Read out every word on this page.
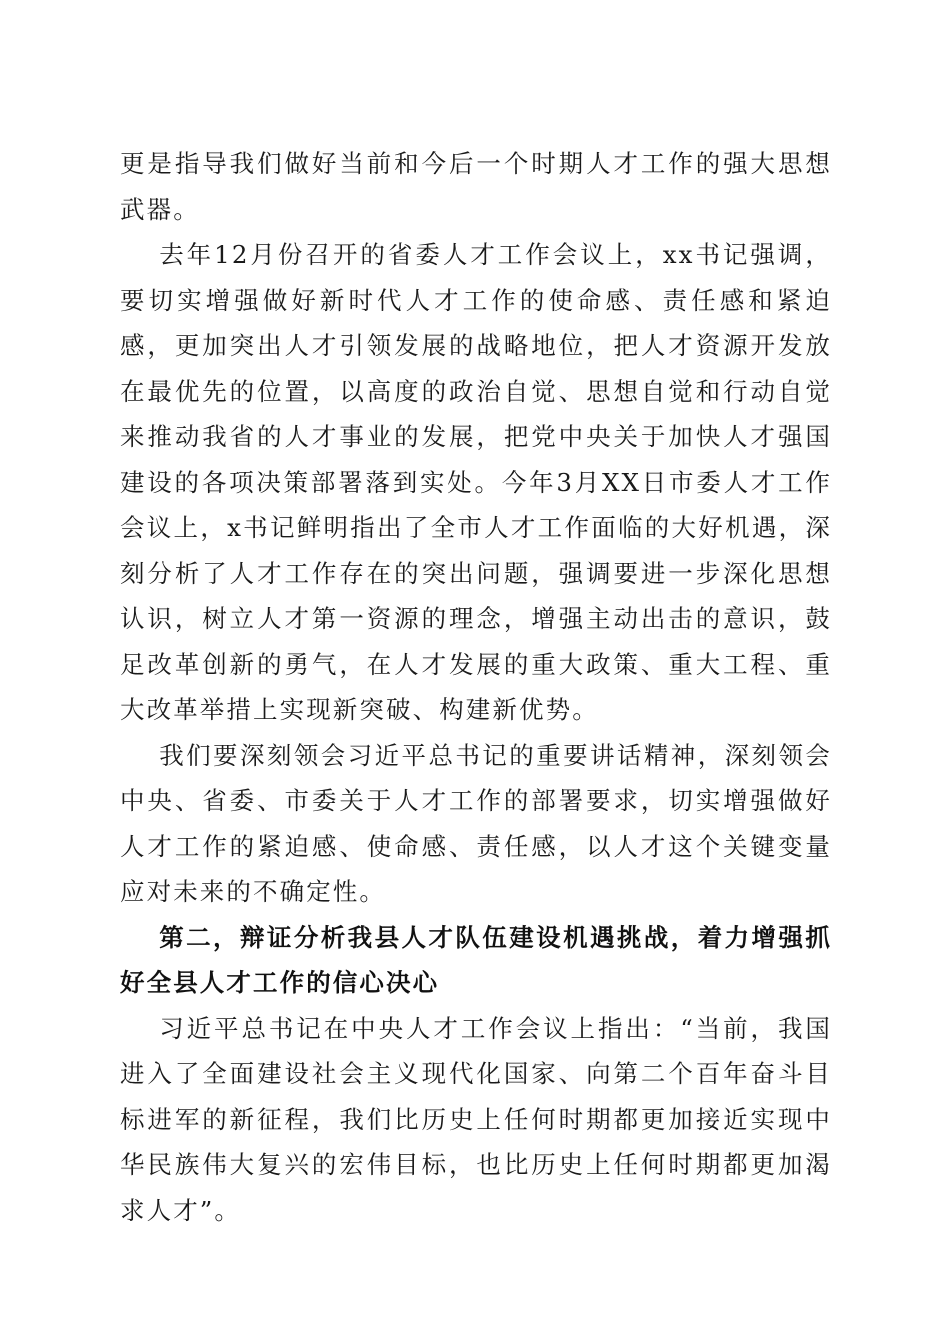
更是指导我们做好当前和今后一个时期人才工作的强大思想武器。

去年12月份召开的省委人才工作会议上，xx书记强调，要切实增强做好新时代人才工作的使命感、责任感和紧迫感，更加突出人才引领发展的战略地位，把人才资源开发放在最优先的位置，以高度的政治自觉、思想自觉和行动自觉来推动我省的人才事业的发展，把党中央关于加快人才强国建设的各项决策部署落到实处。今年3月XX日市委人才工作会议上，x书记鲜明指出了全市人才工作面临的大好机遇，深刻分析了人才工作存在的突出问题，强调要进一步深化思想认识，树立人才第一资源的理念，增强主动出击的意识，鼓足改革创新的勇气，在人才发展的重大政策、重大工程、重大改革举措上实现新突破、构建新优势。

我们要深刻领会习近平总书记的重要讲话精神，深刻领会中央、省委、市委关于人才工作的部署要求，切实增强做好人才工作的紧迫感、使命感、责任感，以人才这个关键变量应对未来的不确定性。

第二，辩证分析我县人才队伍建设机遇挑战，着力增强抓好全县人才工作的信心决心

习近平总书记在中央人才工作会议上指出：“当前，我国进入了全面建设社会主义现代化国家、向第二个百年奋斗目标进军的新征程，我们比历史上任何时期都更加接近实现中华民族伟大复兴的宏伟目标，也比历史上任何时期都更加渴求人才”。
